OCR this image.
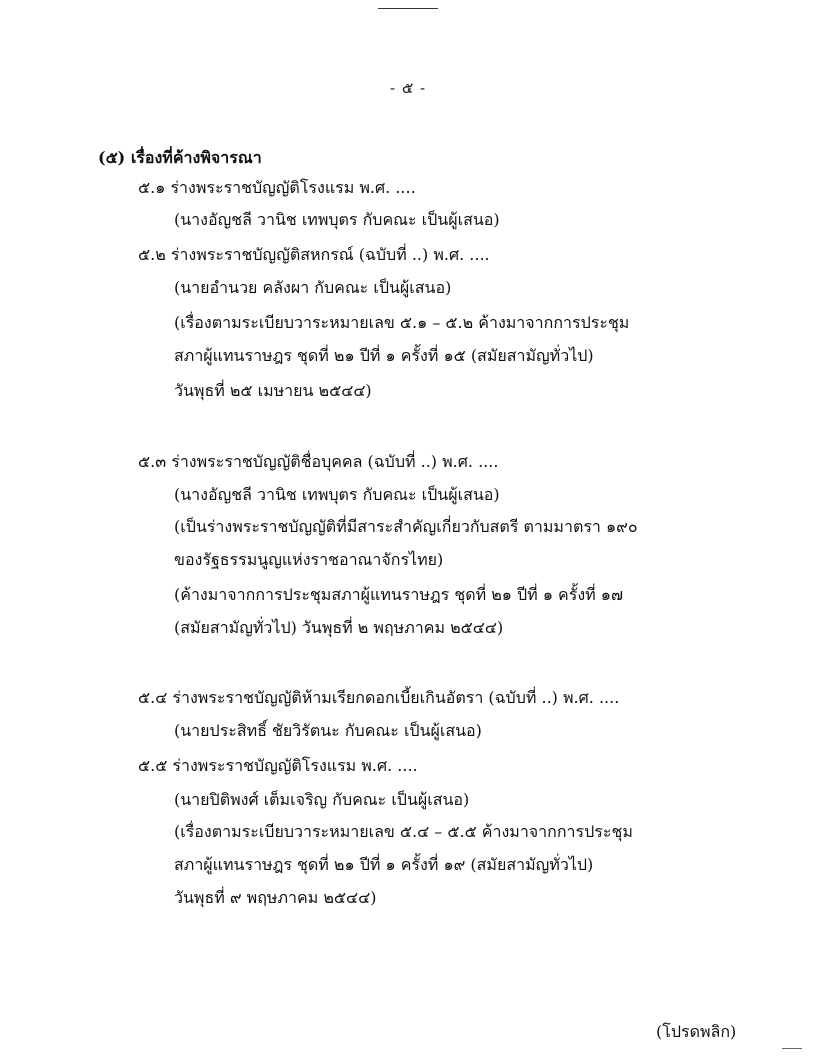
- ๕ -
(๕) เรื่องที่ค้างพิจารณา
๕.๑ ร่างพระราชบัญญัติโรงแรม พ.ศ. ....
(นางอัญชลี วานิช เทพบุตร กับคณะ เป็นผู้เสนอ)
๕.๒ ร่างพระราชบัญญัติสหกรณ์ (ฉบับที่ ..) พ.ศ. ....
(นายอำนวย คลังผา กับคณะ เป็นผู้เสนอ)
(เรื่องตามระเบียบวาระหมายเลข ๕.๑ – ๕.๒ ค้างมาจากการประชุม
สภาผู้แทนราษฎร ชุดที่ ๒๑ ปีที่ ๑ ครั้งที่ ๑๕ (สมัยสามัญทั่วไป)
วันพุธที่ ๒๕ เมษายน ๒๕๔๔)
๕.๓ ร่างพระราชบัญญัติชื่อบุคคล (ฉบับที่ ..) พ.ศ. ....
(นางอัญชลี วานิช เทพบุตร กับคณะ เป็นผู้เสนอ)
(เป็นร่างพระราชบัญญัติที่มีสาระสำคัญเกี่ยวกับสตรี ตามมาตรา ๑๙๐
ของรัฐธรรมนูญแห่งราชอาณาจักรไทย)
(ค้างมาจากการประชุมสภาผู้แทนราษฎร ชุดที่ ๒๑ ปีที่ ๑ ครั้งที่ ๑๗
(สมัยสามัญทั่วไป) วันพุธที่ ๒ พฤษภาคม ๒๕๔๔)
๕.๔ ร่างพระราชบัญญัติห้ามเรียกดอกเบี้ยเกินอัตรา (ฉบับที่ ..) พ.ศ. ....
(นายประสิทธิ์ ชัยวิรัตนะ กับคณะ เป็นผู้เสนอ)
๕.๕ ร่างพระราชบัญญัติโรงแรม พ.ศ. ....
(นายปิติพงศ์ เต็มเจริญ กับคณะ เป็นผู้เสนอ)
(เรื่องตามระเบียบวาระหมายเลข ๕.๔ – ๕.๕ ค้างมาจากการประชุม
สภาผู้แทนราษฎร ชุดที่ ๒๑ ปีที่ ๑ ครั้งที่ ๑๙ (สมัยสามัญทั่วไป)
วันพุธที่ ๙ พฤษภาคม ๒๕๔๔)
(โปรดพลิก)
